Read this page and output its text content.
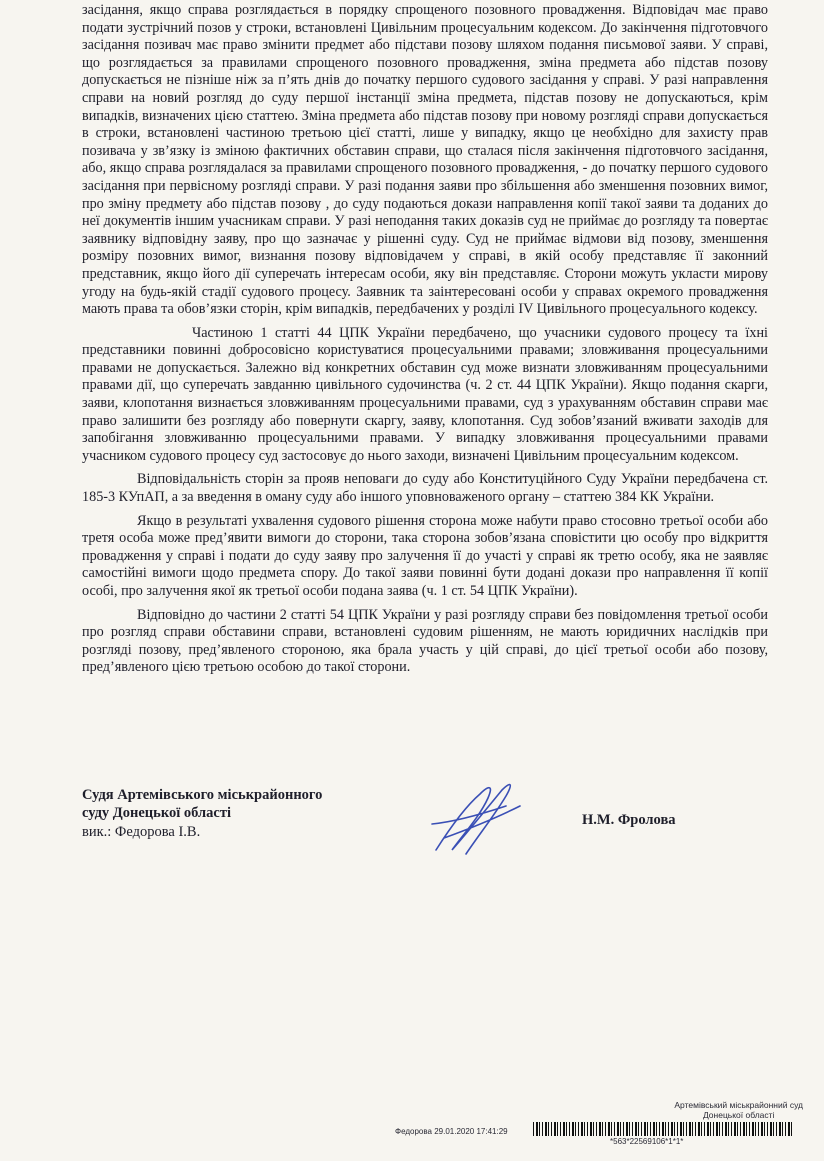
засідання, якщо справа розглядається в порядку спрощеного позовного провадження. Відповідач має право подати зустрічний позов у строки, встановлені Цивільним процесуальним кодексом. До закінчення підготовчого засідання позивач має право змінити предмет або підстави позову шляхом подання письмової заяви. У справі, що розглядається за правилами спрощеного позовного провадження, зміна предмета або підстав позову допускається не пізніше ніж за п’ять днів до початку першого судового засідання у справі. У разі направлення справи на новий розгляд до суду першої інстанції зміна предмета, підстав позову не допускаються, крім випадків, визначених цією статтею. Зміна предмета або підстав позову при новому розгляді справи допускається в строки, встановлені частиною третьою цієї статті, лише у випадку, якщо це необхідно для захисту прав позивача у зв’язку із зміною фактичних обставин справи, що сталася після закінчення підготовчого засідання, або, якщо справа розглядалася за правилами спрощеного позовного провадження, - до початку першого судового засідання при первісному розгляді справи. У разі подання заяви про збільшення або зменшення позовних вимог, про зміну предмету або підстав позову , до суду подаються докази направлення копії такої заяви та доданих до неї документів іншим учасникам справи. У разі неподання таких доказів суд не приймає до розгляду та повертає заявнику відповідну заяву, про що зазначає у рішенні суду. Суд не приймає відмови від позову, зменшення розміру позовних вимог, визнання позову відповідачем у справі, в якій особу представляє її законний представник, якщо його дії суперечать інтересам особи, яку він представляє. Сторони можуть укласти мирову угоду на будь-якій стадії судового процесу. Заявник та заінтересовані особи у справах окремого провадження мають права та обов’язки сторін, крім випадків, передбачених у розділі IV Цивільного процесуального кодексу.

Частиною 1 статті 44 ЦПК України передбачено, що учасники судового процесу та їхні представники повинні добросовісно користуватися процесуальними правами; зловживання процесуальними правами не допускається. Залежно від конкретних обставин суд може визнати зловживанням процесуальними правами дії, що суперечать завданню цивільного судочинства (ч. 2 ст. 44 ЦПК України). Якщо подання скарги, заяви, клопотання визнається зловживанням процесуальними правами, суд з урахуванням обставин справи має право залишити без розгляду або повернути скаргу, заяву, клопотання. Суд зобов’язаний вживати заходів для запобігання зловживанню процесуальними правами. У випадку зловживання процесуальними правами учасником судового процесу суд застосовує до нього заходи, визначені Цивільним процесуальним кодексом.

Відповідальність сторін за прояв неповаги до суду або Конституційного Суду України передбачена ст. 185-3 КУпАП, а за введення в оману суду або іншого уповноваженого органу – статтею 384 КК України.

Якщо в результаті ухвалення судового рішення сторона може набути право стосовно третьої особи або третя особа може пред’явити вимоги до сторони, така сторона зобов’язана сповістити цю особу про відкриття провадження у справі і подати до суду заяву про залучення її до участі у справі як третю особу, яка не заявляє самостійні вимоги щодо предмета спору. До такої заяви повинні бути додані докази про направлення її копії особі, про залучення якої як третьої особи подана заява (ч. 1 ст. 54 ЦПК України).

Відповідно до частини 2 статті 54 ЦПК України у разі розгляду справи без повідомлення третьої особи про розгляд справи обставини справи, встановлені судовим рішенням, не мають юридичних наслідків при розгляді позову, пред’явленого стороною, яка брала участь у цій справі, до цієї третьої особи або позову, пред’явленого цією третьою особою до такої сторони.

Судя Артемівського міськрайонного
суду Донецької області
вик.: Федорова І.В.
Н.М. Фролова
Артемівський міськрайонний суд
Донецької області
Федорова 29.01.2020 17:41:29
*563*22569106*1*1*
